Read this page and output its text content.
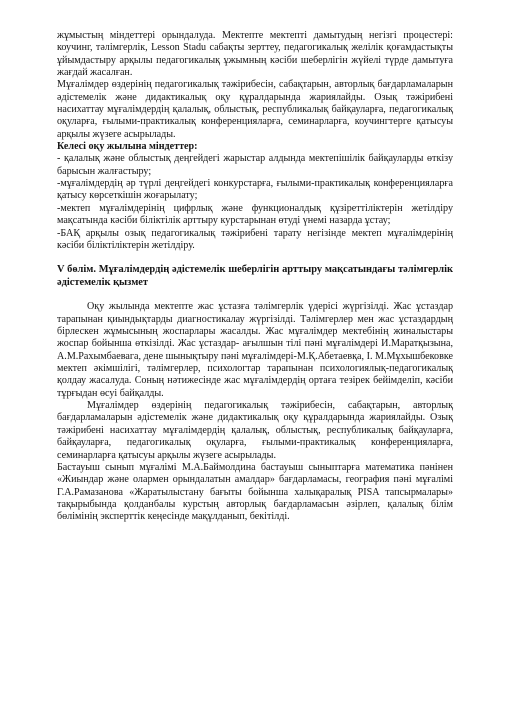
жұмыстың міндеттері орындалуда. Мектепте мектепті дамытудың негізгі процестері: коучинг, тәлімгерлік, Lesson Stadu сабақты зерттеу, педагогикалық желілік қоғамдастықты ұйымдастыру арқылы педагогикалық ұжымның кәсіби шеберлігін жүйелі түрде дамытуға жағдай жасалған.

Мұғалімдер өздерінің педагогикалық тәжірибесін, сабақтарын, авторлық бағдарламаларын әдістемелік және дидактикалық оқу құралдарында жариялайды. Озық тәжірибені насихаттау мұғалімдердің қалалық, облыстық, республикалық байқауларға, педагогикалық оқуларға, ғылыми-практикалық конференцияларға, семинарларға, коучингтерге қатысуы арқылы жүзеге асырылады.

Келесі оқу жылына міндеттер:

- қалалық және облыстық деңгейдегі жарыстар алдында мектепішілік байқауларды өткізу барысын жалғастыру;

-мұғалімдердің әр түрлі деңгейдегі конкурстарға, ғылыми-практикалық конференцияларға қатысу көрсеткішін жоғарылату;

-мектеп мұғалімдерінің цифрлық және функционалдық құзіреттіліктерін жетілдіру мақсатында кәсіби біліктілік арттыру курстарынан өтуді үнемі назарда ұстау;

-БАҚ арқылы озық педагогикалық тәжірибені тарату негізінде мектеп мұғалімдерінің кәсіби біліктіліктерін жетілдіру.

V бөлім. Мұғалімдердің әдістемелік шеберлігін арттыру мақсатындағы тәлімгерлік әдістемелік қызмет

Оқу жылында мектепте жас ұстазға тәлімгерлік үдерісі жүргізілді. Жас ұстаздар тарапынан қиындықтарды диагностикалау жүргізілді. Тәлімгерлер мен жас ұстаздардың бірлескен жұмысының жоспарлары жасалды. Жас мұғалімдер мектебінің жиналыстары жоспар бойынша өткізілді. Жас ұстаздар- ағылшын тілі пәні мұғалімдері И.Маратқызына, А.М.Рахымбаевага, дене шынықтыру пәні мұғалімдері-М.Қ.Абетаевқа, І. М.Мұхышбековке мектеп әкімшілігі, тәлімгерлер, психологтар тарапынан психологиялық-педагогикалық қолдау жасалуда. Соның нәтижесінде жас мұғалімдердің ортаға тезірек бейімделіп, кәсіби тұрғыдан өсуі байқалды.

Мұғалімдер өздерінің педагогикалық тәжірибесін, сабақтарын, авторлық бағдарламаларын әдістемелік және дидактикалық оқу құралдарында жариялайды. Озық тәжірибені насихаттау мұғалімдердің қалалық, облыстық, республикалық байқауларға, байқауларға, педагогикалық оқуларға, ғылыми-практикалық конференцияларға, семинарларға қатысуы арқылы жүзеге асырылады.

Бастауыш сынып мұғалімі М.А.Баймолдина бастауыш сыныптарға математика пәнінен «Жиындар және олармен орындалатын амалдар» бағдарламасы, география пәні мұғалімі Г.А.Рамазанова «Жаратылыстану бағыты бойынша халықаралық PISA тапсырмалары» тақырыбында қолданбалы курстың авторлық бағдарламасын әзірлеп, қалалық білім бөлімінің эксперттік кеңесінде мақұлданып, бекітілді.
